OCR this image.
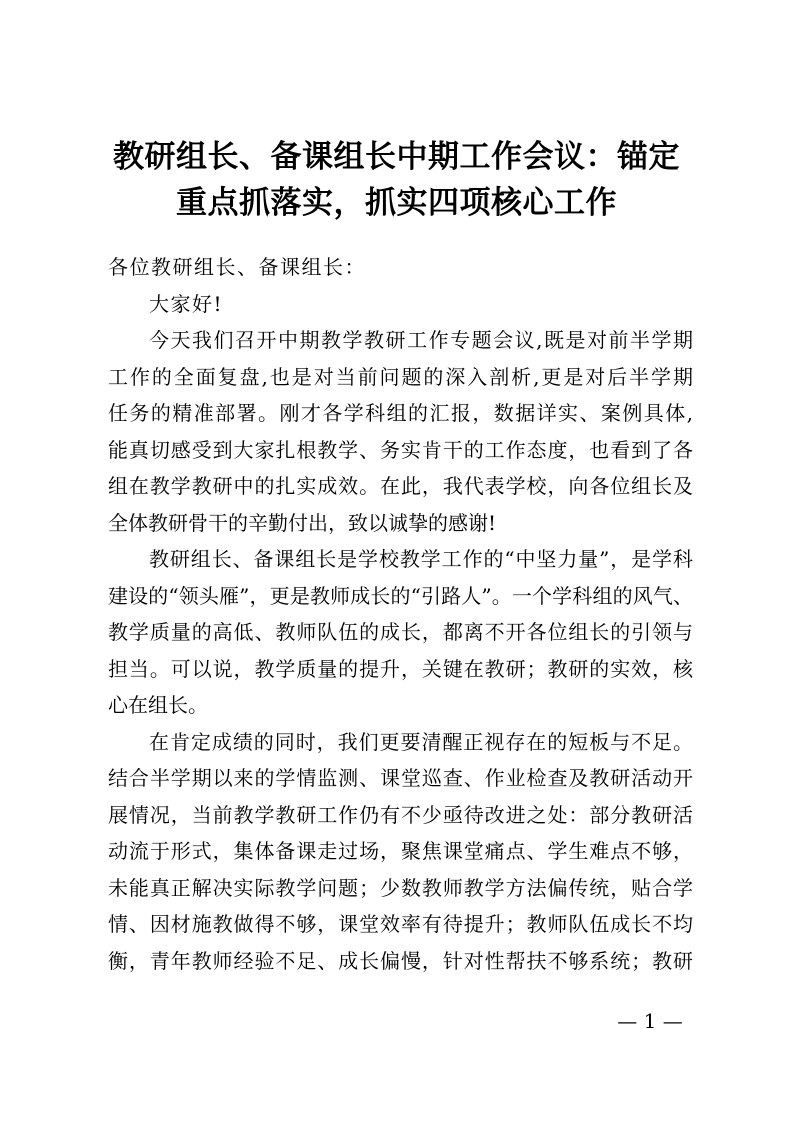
教研组长、备课组长中期工作会议：锚定
重点抓落实，抓实四项核心工作

各位教研组长、备课组长：

大家好!

今天我们召开中期教学教研工作专题会议,既是对前半学期
工作的全面复盘,也是对当前问题的深入剖析,更是对后半学期
任务的精准部署。刚才各学科组的汇报，数据详实、案例具体,
能真切感受到大家扎根教学、务实肯干的工作态度，也看到了各
组在教学教研中的扎实成效。在此，我代表学校，向各位组长及
全体教研骨干的辛勤付出，致以诚挚的感谢!

教研组长、备课组长是学校教学工作的“中坚力量”，是学科
建设的“领头雁”，更是教师成长的“引路人”。一个学科组的风气、
教学质量的高低、教师队伍的成长，都离不开各位组长的引领与
担当。可以说，教学质量的提升，关键在教研；教研的实效，核
心在组长。

在肯定成绩的同时，我们更要清醒正视存在的短板与不足。
结合半学期以来的学情监测、课堂巡查、作业检查及教研活动开
展情况，当前教学教研工作仍有不少亟待改进之处：部分教研活
动流于形式，集体备课走过场，聚焦课堂痛点、学生难点不够，
未能真正解决实际教学问题；少数教师教学方法偏传统，贴合学
情、因材施教做得不够，课堂效率有待提升；教师队伍成长不均
衡，青年教师经验不足、成长偏慢，针对性帮扶不够系统；教研

— 1 —
